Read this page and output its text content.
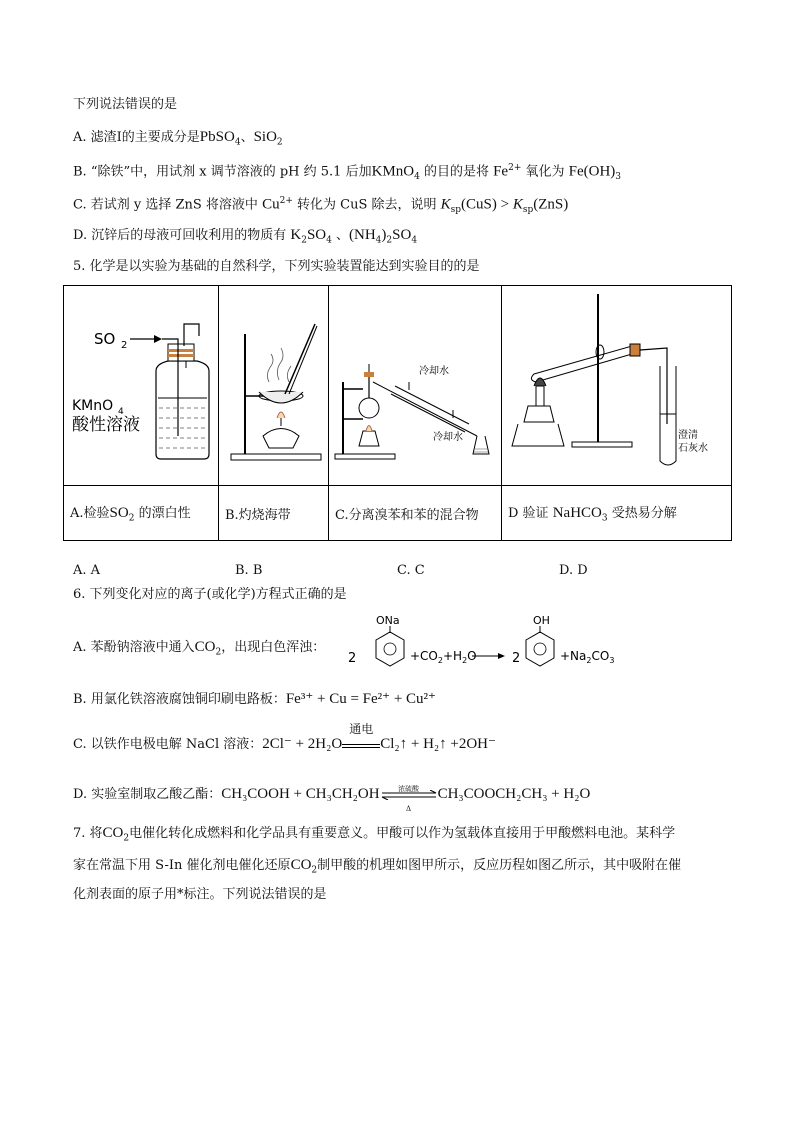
下列说法错误的是
A. 滤渣I的主要成分是PbSO$_4$、SiO$_2$
B. “除铁”中，用试剂 x 调节溶液的 pH 约 5.1 后加KMnO$_4$ 的目的是将 $Fe^{2+}$ 氧化为 $Fe(OH)_3$
C. 若试剂 y 选择 ZnS 将溶液中 $Cu^{2+}$ 转化为 CuS 除去，说明 $K_{sp}(CuS) > K_{sp}(ZnS)$
D. 沉锌后的母液可回收利用的物质有 $K_2SO_4$ 、$(NH_4)_2SO_4$
5. 化学是以实验为基础的自然科学，下列实验装置能达到实验目的的是
SO 2
KMnO 4
酸性溶液		冷却水
冷却水	澄清
石灰水

A.检验$SO_2$ 的漂白性	B.灼烧海带	C.分离溴苯和苯的混合物	D 验证 NaHCO$_3$ 受热易分解
A. A	B. B	C. C	D. D
6. 下列变化对应的离子(或化学)方程式正确的是
A. 苯酚钠溶液中通入$CO_2$，出现白色浑浊：
2
ONa
$+CO_2+H_2O$	2
OH
$+Na_2CO_3$
B. 用氯化铁溶液腐蚀铜印刷电路板：Fe³⁺ + Cu = Fe²⁺ + Cu²⁺
C. 以铁作电极电解 NaCl 溶液：2Cl⁻ + 2H₂O
通电
Cl₂↑ + H₂↑ +2OH⁻
D. 实验室制取乙酸乙酯：CH₃COOH + CH₃CH₂OH	浓硫酸
Δ
CH₃COOCH₂CH₃ + H₂O
7. 将$CO_2$电催化转化成燃料和化学品具有重要意义。甲酸可以作为氢载体直接用于甲酸燃料电池。某科学
家在常温下用 S-In 催化剂电催化还原$CO_2$制甲酸的机理如图甲所示，反应历程如图乙所示，其中吸附在催
化剂表面的原子用*标注。下列说法错误的是
